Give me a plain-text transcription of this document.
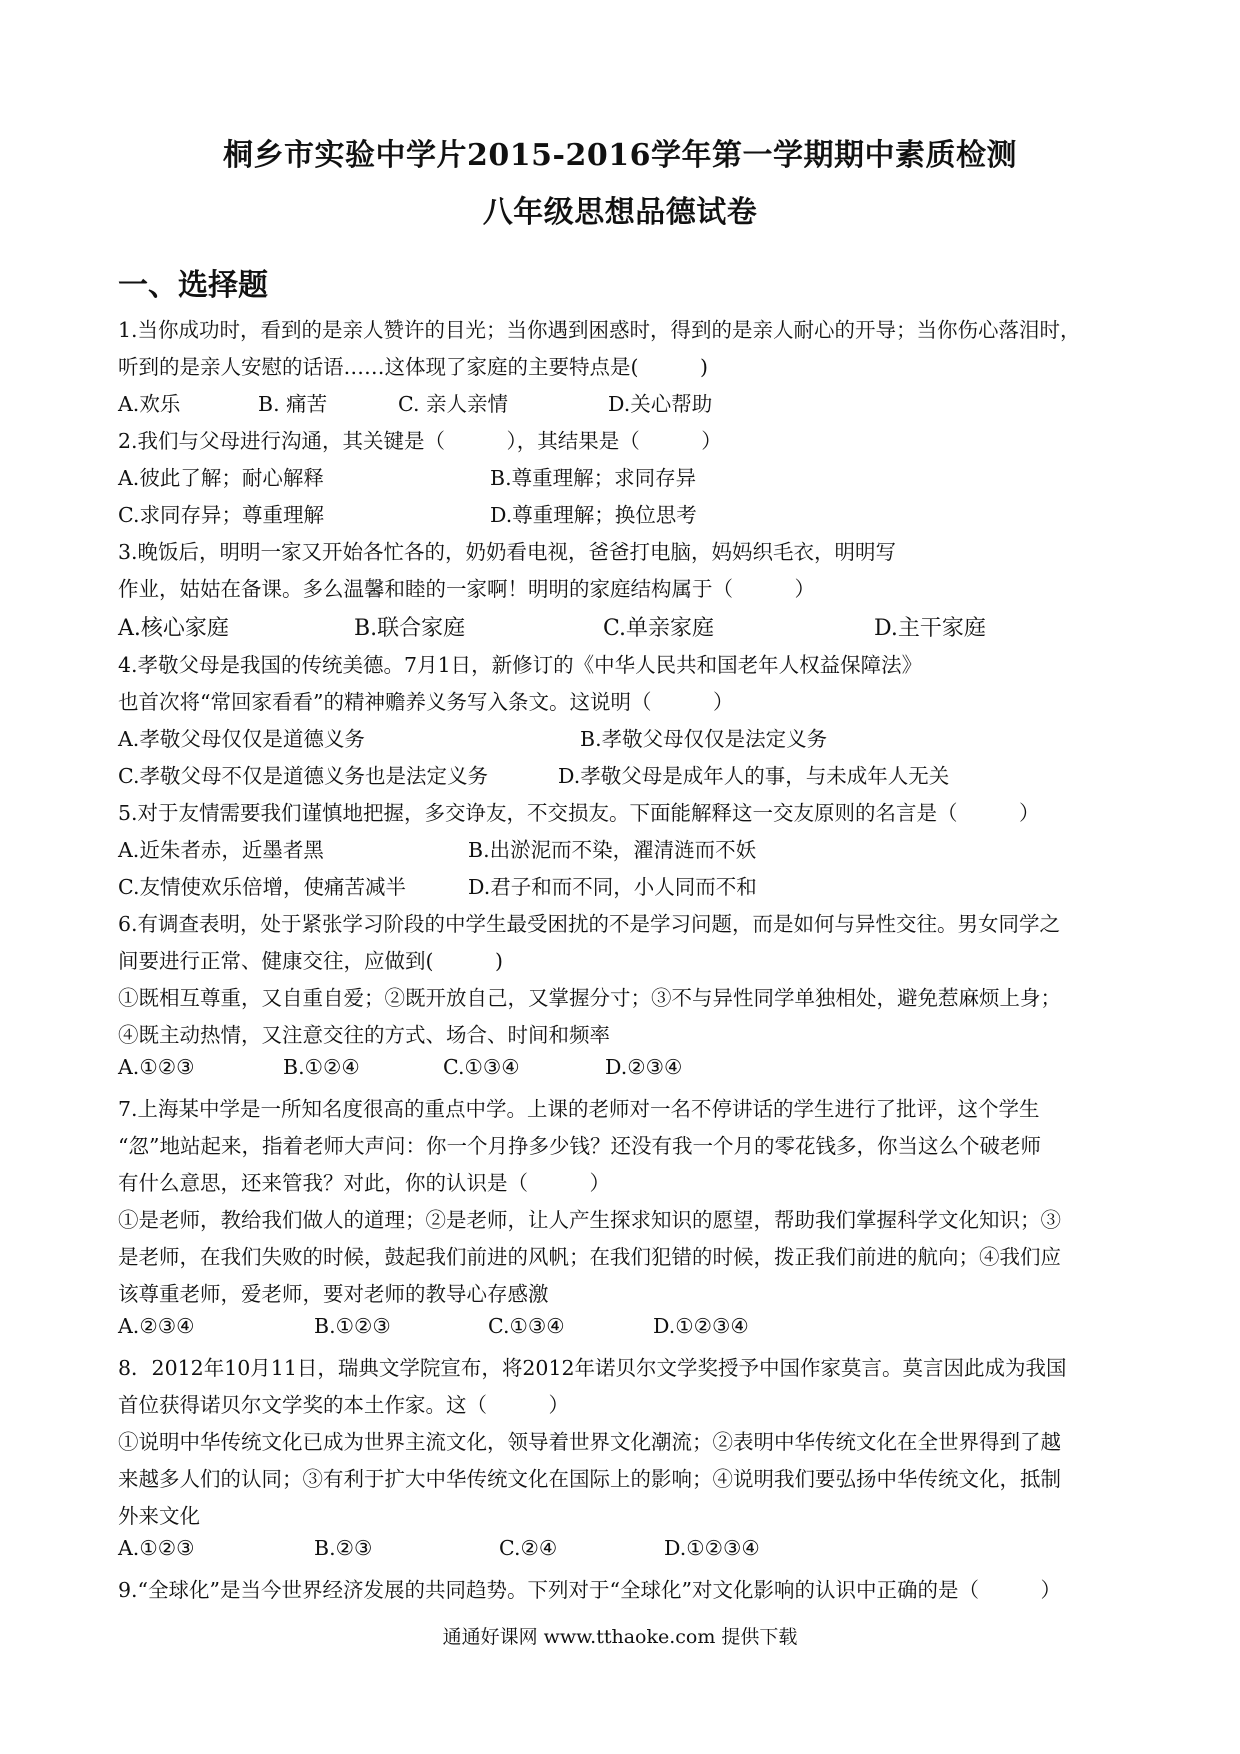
桐乡市实验中学片2015-2016学年第一学期期中素质检测
八年级思想品德试卷
一、选择题
1.当你成功时，看到的是亲人赞许的目光；当你遇到困惑时，得到的是亲人耐心的开导；当你伤心落泪时，
听到的是亲人安慰的话语……这体现了家庭的主要特点是(　　　)
A.欢乐	B. 痛苦	C. 亲人亲情	D.关心帮助
2.我们与父母进行沟通，其关键是（　　　），其结果是（　　　）
A.彼此了解；耐心解释	B.尊重理解；求同存异
C.求同存异；尊重理解	D.尊重理解；换位思考
3.晚饭后，明明一家又开始各忙各的，奶奶看电视，爸爸打电脑，妈妈织毛衣，明明写
作业，姑姑在备课。多么温馨和睦的一家啊！明明的家庭结构属于（　　　）
A.核心家庭	B.联合家庭	C.单亲家庭	D.主干家庭
4.孝敬父母是我国的传统美德。7月1日，新修订的《中华人民共和国老年人权益保障法》
也首次将“常回家看看”的精神赡养义务写入条文。这说明（　　　）
A.孝敬父母仅仅是道德义务	B.孝敬父母仅仅是法定义务
C.孝敬父母不仅是道德义务也是法定义务	D.孝敬父母是成年人的事，与未成年人无关
5.对于友情需要我们谨慎地把握，多交诤友，不交损友。下面能解释这一交友原则的名言是（　　　）
A.近朱者赤，近墨者黑	B.出淤泥而不染，濯清涟而不妖
C.友情使欢乐倍增，使痛苦减半	D.君子和而不同，小人同而不和
6.有调查表明，处于紧张学习阶段的中学生最受困扰的不是学习问题，而是如何与异性交往。男女同学之
间要进行正常、健康交往，应做到(　　　)
①既相互尊重，又自重自爱；②既开放自己，又掌握分寸；③不与异性同学单独相处，避免惹麻烦上身；
④既主动热情，又注意交往的方式、场合、时间和频率
A.①②③	B.①②④	C.①③④	D.②③④
7.上海某中学是一所知名度很高的重点中学。上课的老师对一名不停讲话的学生进行了批评，这个学生
“忽”地站起来，指着老师大声问：你一个月挣多少钱？还没有我一个月的零花钱多，你当这么个破老师
有什么意思，还来管我？对此，你的认识是（　　　）
①是老师，教给我们做人的道理；②是老师，让人产生探求知识的愿望，帮助我们掌握科学文化知识；③
是老师，在我们失败的时候，鼓起我们前进的风帆；在我们犯错的时候，拨正我们前进的航向；④我们应
该尊重老师，爱老师，要对老师的教导心存感激
A.②③④	B.①②③	C.①③④	D.①②③④
8．2012年10月11日，瑞典文学院宣布，将2012年诺贝尔文学奖授予中国作家莫言。莫言因此成为我国
首位获得诺贝尔文学奖的本土作家。这（　　　）
①说明中华传统文化已成为世界主流文化，领导着世界文化潮流；②表明中华传统文化在全世界得到了越
来越多人们的认同；③有利于扩大中华传统文化在国际上的影响；④说明我们要弘扬中华传统文化，抵制
外来文化
A.①②③	B.②③	C.②④	D.①②③④
9.“全球化”是当今世界经济发展的共同趋势。下列对于“全球化”对文化影响的认识中正确的是（　　　）
通通好课网 www.tthaoke.com 提供下载
